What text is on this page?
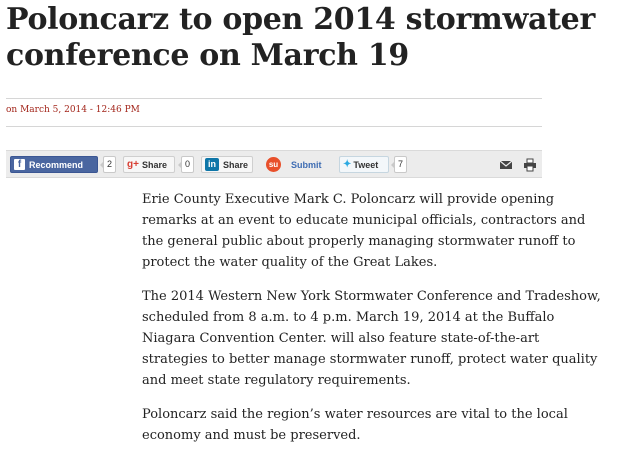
Poloncarz to open 2014 stormwater conference on March 19
on March 5, 2014 - 12:46 PM
f Recommend	2	g+ Share	0	in Share	su	Submit ✦ Tweet	7

Erie County Executive Mark C. Poloncarz will provide opening remarks at an event to educate municipal officials, contractors and the general public about properly managing stormwater runoff to protect the water quality of the Great Lakes.

The 2014 Western New York Stormwater Conference and Tradeshow, scheduled from 8 a.m. to 4 p.m. March 19, 2014 at the Buffalo Niagara Convention Center. will also feature state-of-the-art strategies to better manage stormwater runoff, protect water quality and meet state regulatory requirements.

Poloncarz said the region’s water resources are vital to the local economy and must be preserved.
